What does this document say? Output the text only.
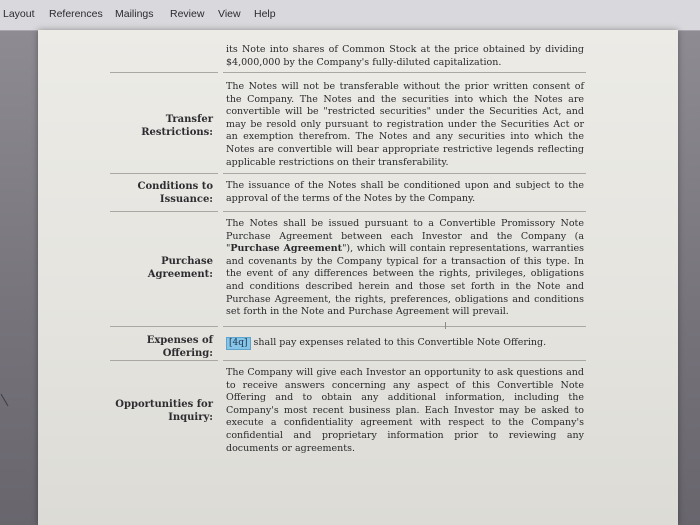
Layout References Mailings Review View Help
its Note into shares of Common Stock at the price obtained by dividing $4,000,000 by the Company's fully-diluted capitalization.
Transfer Restrictions:
The Notes will not be transferable without the prior written consent of the Company. The Notes and the securities into which the Notes are convertible will be "restricted securities" under the Securities Act, and may be resold only pursuant to registration under the Securities Act or an exemption therefrom. The Notes and any securities into which the Notes are convertible will bear appropriate restrictive legends reflecting applicable restrictions on their transferability.
Conditions to Issuance:
The issuance of the Notes shall be conditioned upon and subject to the approval of the terms of the Notes by the Company.
Purchase Agreement:
The Notes shall be issued pursuant to a Convertible Promissory Note Purchase Agreement between each Investor and the Company (a "Purchase Agreement"), which will contain representations, warranties and covenants by the Company typical for a transaction of this type. In the event of any differences between the rights, privileges, obligations and conditions described herein and those set forth in the Note and Purchase Agreement, the rights, preferences, obligations and conditions set forth in the Note and Purchase Agreement will prevail.
Expenses of Offering:
[4q] shall pay expenses related to this Convertible Note Offering.
Opportunities for Inquiry:
The Company will give each Investor an opportunity to ask questions and to receive answers concerning any aspect of this Convertible Note Offering and to obtain any additional information, including the Company's most recent business plan. Each Investor may be asked to execute a confidentiality agreement with respect to the Company's confidential and proprietary information prior to reviewing any documents or agreements.
